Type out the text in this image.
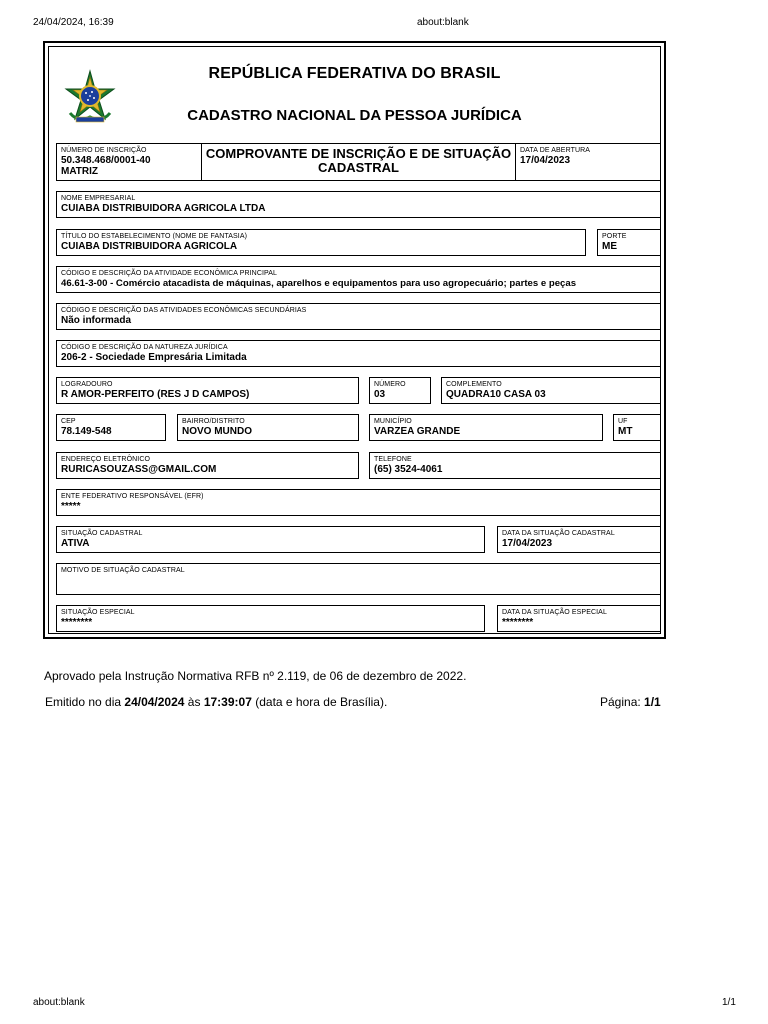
24/04/2024, 16:39	about:blank
REPÚBLICA FEDERATIVA DO BRASIL
CADASTRO NACIONAL DA PESSOA JURÍDICA
NÚMERO DE INSCRIÇÃO
50.348.468/0001-40
MATRIZ
COMPROVANTE DE INSCRIÇÃO E DE SITUAÇÃO CADASTRAL
DATA DE ABERTURA
17/04/2023
NOME EMPRESARIAL
CUIABA DISTRIBUIDORA AGRICOLA LTDA
TÍTULO DO ESTABELECIMENTO (NOME DE FANTASIA)
CUIABA DISTRIBUIDORA AGRICOLA
PORTE
ME
CÓDIGO E DESCRIÇÃO DA ATIVIDADE ECONÔMICA PRINCIPAL
46.61-3-00 - Comércio atacadista de máquinas, aparelhos e equipamentos para uso agropecuário; partes e peças
CÓDIGO E DESCRIÇÃO DAS ATIVIDADES ECONÔMICAS SECUNDÁRIAS
Não informada
CÓDIGO E DESCRIÇÃO DA NATUREZA JURÍDICA
206-2 - Sociedade Empresária Limitada
LOGRADOURO
R AMOR-PERFEITO (RES J D CAMPOS)
NÚMERO
03
COMPLEMENTO
QUADRA10 CASA 03
CEP
78.149-548
BAIRRO/DISTRITO
NOVO MUNDO
MUNICÍPIO
VARZEA GRANDE
UF
MT
ENDEREÇO ELETRÔNICO
RURICASOUZASS@GMAIL.COM
TELEFONE
(65) 3524-4061
ENTE FEDERATIVO RESPONSÁVEL (EFR)
*****
SITUAÇÃO CADASTRAL
ATIVA
DATA DA SITUAÇÃO CADASTRAL
17/04/2023
MOTIVO DE SITUAÇÃO CADASTRAL
SITUAÇÃO ESPECIAL
********
DATA DA SITUAÇÃO ESPECIAL
********
Aprovado pela Instrução Normativa RFB nº 2.119, de 06 de dezembro de 2022.
Emitido no dia 24/04/2024 às 17:39:07 (data e hora de Brasília).	Página: 1/1
about:blank	1/1
